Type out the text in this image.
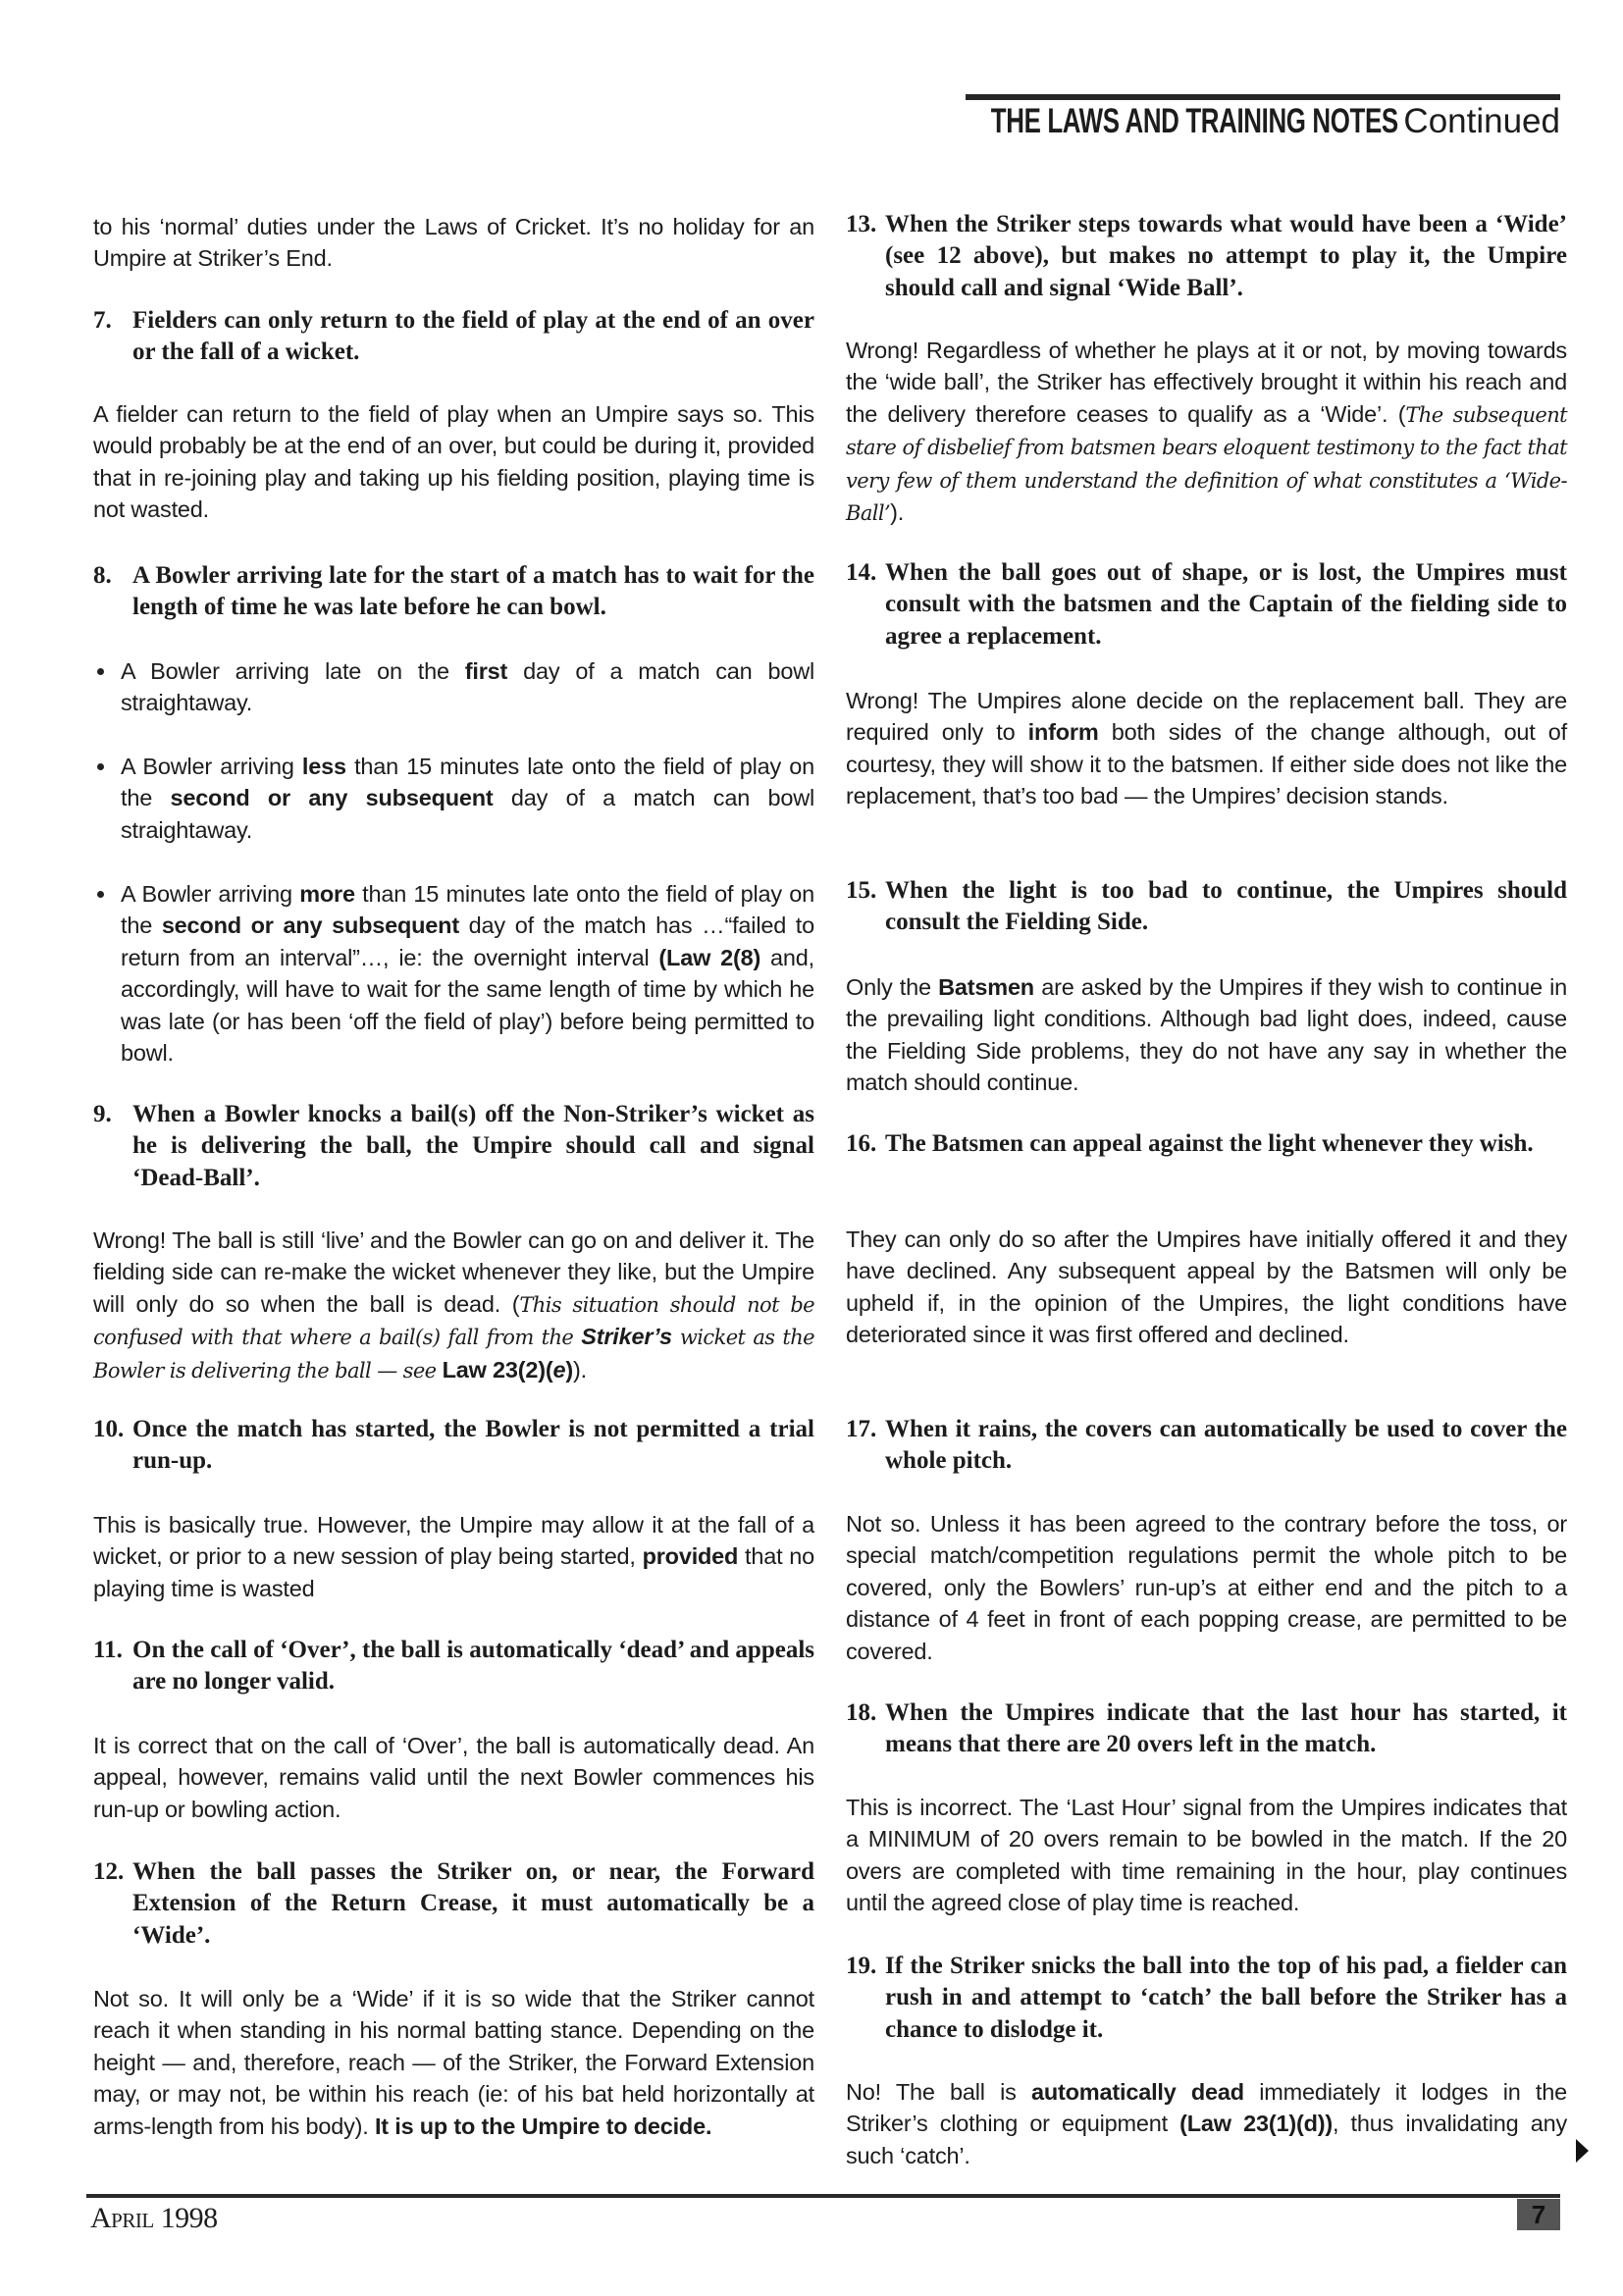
THE LAWS AND TRAINING NOTES Continued
to his ‘normal’ duties under the Laws of Cricket. It’s no holiday for an Umpire at Striker’s End.
7. Fielders can only return to the field of play at the end of an over or the fall of a wicket.
A fielder can return to the field of play when an Umpire says so. This would probably be at the end of an over, but could be during it, provided that in re-joining play and taking up his fielding position, playing time is not wasted.
8. A Bowler arriving late for the start of a match has to wait for the length of time he was late before he can bowl.
A Bowler arriving late on the first day of a match can bowl straightaway.
A Bowler arriving less than 15 minutes late onto the field of play on the second or any subsequent day of a match can bowl straightaway.
A Bowler arriving more than 15 minutes late onto the field of play on the second or any subsequent day of the match has …“failed to return from an interval”…, ie: the overnight interval (Law 2(8) and, accordingly, will have to wait for the same length of time by which he was late (or has been ‘off the field of play’) before being permitted to bowl.
9. When a Bowler knocks a bail(s) off the Non-Striker’s wicket as he is delivering the ball, the Umpire should call and signal ‘Dead-Ball’.
Wrong! The ball is still ‘live’ and the Bowler can go on and deliver it. The fielding side can re-make the wicket whenever they like, but the Umpire will only do so when the ball is dead. (This situation should not be confused with that where a bail(s) fall from the Striker’s wicket as the Bowler is delivering the ball — see Law 23(2)(e)).
10. Once the match has started, the Bowler is not permitted a trial run-up.
This is basically true. However, the Umpire may allow it at the fall of a wicket, or prior to a new session of play being started, provided that no playing time is wasted
11. On the call of ‘Over’, the ball is automatically ‘dead’ and appeals are no longer valid.
It is correct that on the call of ‘Over’, the ball is automatically dead. An appeal, however, remains valid until the next Bowler commences his run-up or bowling action.
12. When the ball passes the Striker on, or near, the Forward Extension of the Return Crease, it must automatically be a ‘Wide’.
Not so. It will only be a ‘Wide’ if it is so wide that the Striker cannot reach it when standing in his normal batting stance. Depending on the height — and, therefore, reach — of the Striker, the Forward Extension may, or may not, be within his reach (ie: of his bat held horizontally at arms-length from his body). It is up to the Umpire to decide.
13. When the Striker steps towards what would have been a ‘Wide’ (see 12 above), but makes no attempt to play it, the Umpire should call and signal ‘Wide Ball’.
Wrong! Regardless of whether he plays at it or not, by moving towards the ‘wide ball’, the Striker has effectively brought it within his reach and the delivery therefore ceases to qualify as a ‘Wide’. (The subsequent stare of disbelief from batsmen bears eloquent testimony to the fact that very few of them understand the definition of what constitutes a ‘Wide-Ball’).
14. When the ball goes out of shape, or is lost, the Umpires must consult with the batsmen and the Captain of the fielding side to agree a replacement.
Wrong! The Umpires alone decide on the replacement ball. They are required only to inform both sides of the change although, out of courtesy, they will show it to the batsmen. If either side does not like the replacement, that’s too bad — the Umpires’ decision stands.
15. When the light is too bad to continue, the Umpires should consult the Fielding Side.
Only the Batsmen are asked by the Umpires if they wish to continue in the prevailing light conditions. Although bad light does, indeed, cause the Fielding Side problems, they do not have any say in whether the match should continue.
16. The Batsmen can appeal against the light whenever they wish.
They can only do so after the Umpires have initially offered it and they have declined. Any subsequent appeal by the Batsmen will only be upheld if, in the opinion of the Umpires, the light conditions have deteriorated since it was first offered and declined.
17. When it rains, the covers can automatically be used to cover the whole pitch.
Not so. Unless it has been agreed to the contrary before the toss, or special match/competition regulations permit the whole pitch to be covered, only the Bowlers’ run-up’s at either end and the pitch to a distance of 4 feet in front of each popping crease, are permitted to be covered.
18. When the Umpires indicate that the last hour has started, it means that there are 20 overs left in the match.
This is incorrect. The ‘Last Hour’ signal from the Umpires indicates that a MINIMUM of 20 overs remain to be bowled in the match. If the 20 overs are completed with time remaining in the hour, play continues until the agreed close of play time is reached.
19. If the Striker snicks the ball into the top of his pad, a fielder can rush in and attempt to ‘catch’ the ball before the Striker has a chance to dislodge it.
No! The ball is automatically dead immediately it lodges in the Striker’s clothing or equipment (Law 23(1)(d)), thus invalidating any such ‘catch’.
April 1998	7
